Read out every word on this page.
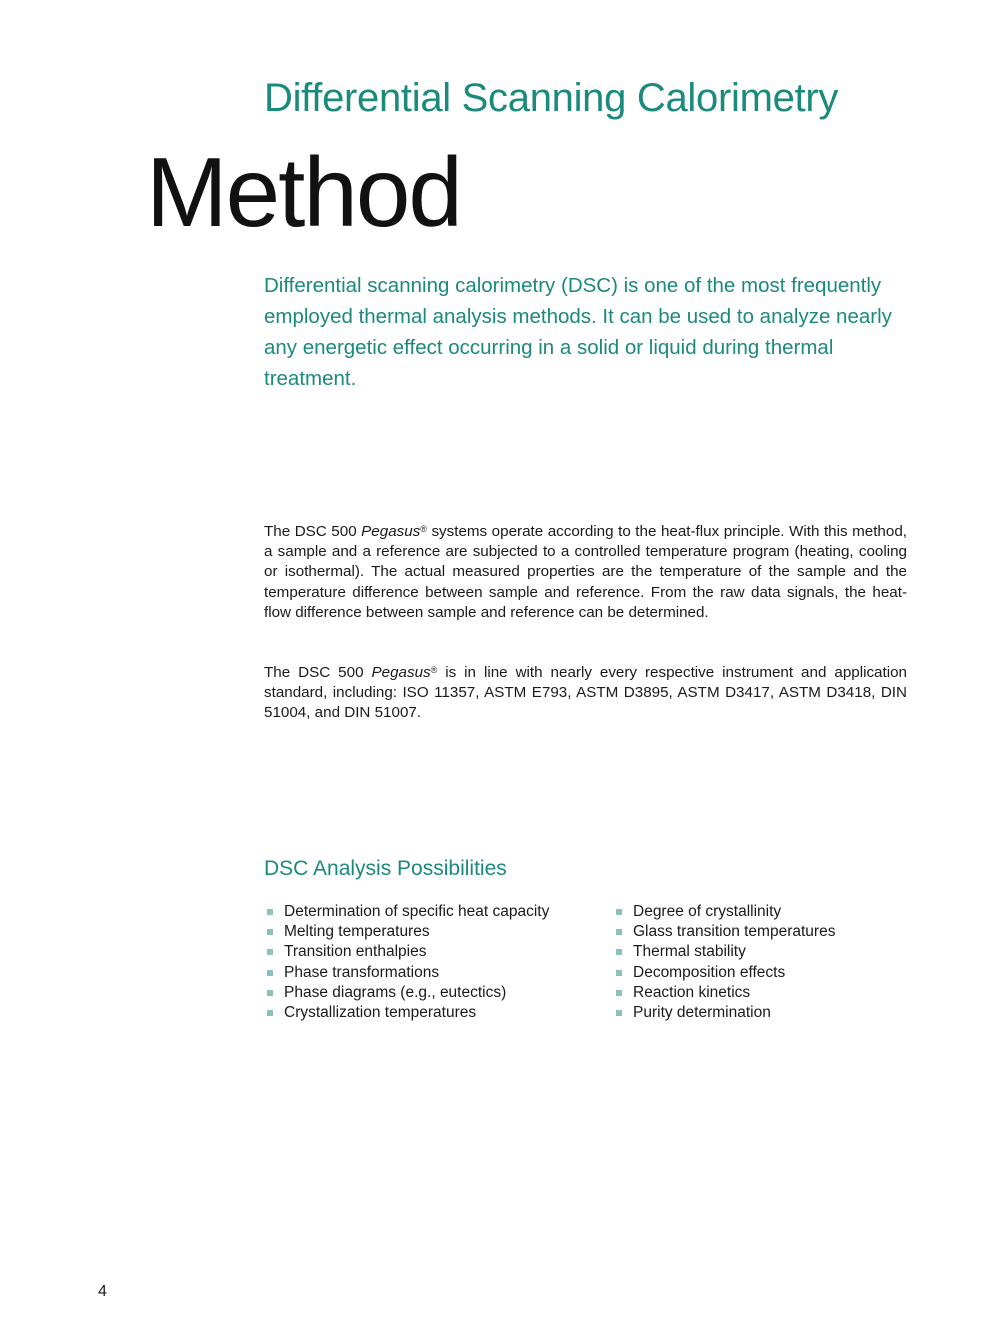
Differential Scanning Calorimetry
Method

Differential scanning calorimetry (DSC) is one of the most frequently employed thermal analysis methods. It can be used to analyze nearly any energetic effect occurring in a solid or liquid during thermal treatment.

The DSC 500 Pegasus® systems operate according to the heat-flux principle. With this method, a sample and a reference are subjected to a controlled temperature program (heating, cooling or isothermal). The actual measured properties are the temperature of the sample and the temperature difference between sample and reference. From the raw data signals, the heat-flow difference between sample and reference can be determined.

The DSC 500 Pegasus® is in line with nearly every respective instrument and application standard, including: ISO 11357, ASTM E793, ASTM D3895, ASTM D3417, ASTM D3418, DIN 51004, and DIN 51007.

DSC Analysis Possibilities
Determination of specific heat capacity
Melting temperatures
Transition enthalpies
Phase transformations
Phase diagrams (e.g., eutectics)
Crystallization temperatures
Degree of crystallinity
Glass transition temperatures
Thermal stability
Decomposition effects
Reaction kinetics
Purity determination
4
